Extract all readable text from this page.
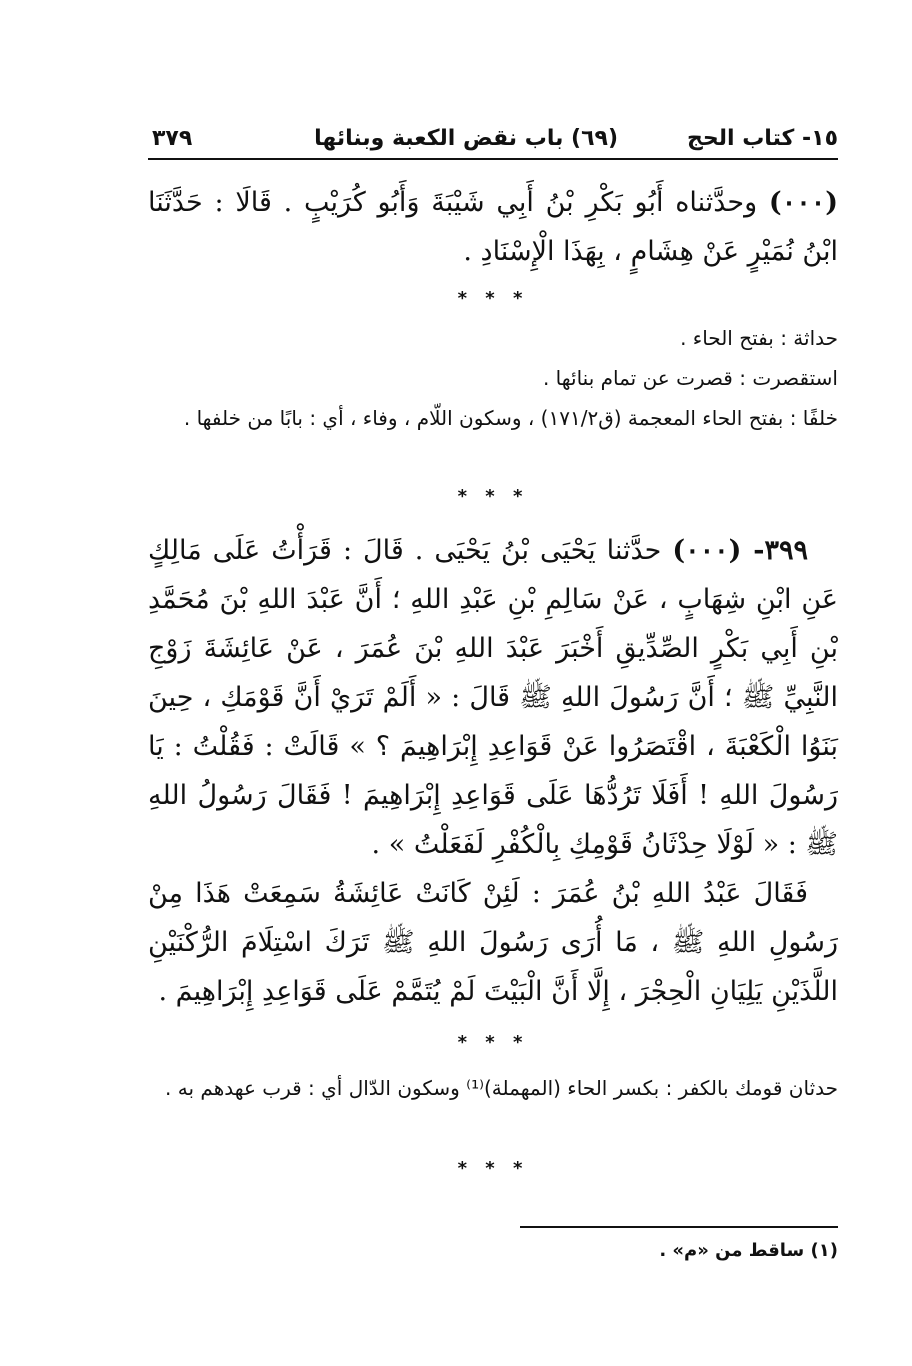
١٥- كتاب الحج
(٦٩) باب نقض الكعبة وبنائها
٣٧٩

(٠٠٠) وحدَّثناه أَبُو بَكْرِ بْنُ أَبِي شَيْبَةَ وَأَبُو كُرَيْبٍ . قَالَا : حَدَّثَنَا ابْنُ نُمَيْرٍ عَنْ هِشَامٍ ، بِهَذَا الْإِسْنَادِ .

* * *

حداثة : بفتح الحاء .

استقصرت : قصرت عن تمام بنائها .

خلفًا : بفتح الحاء المعجمة (ق١٧١/٢) ، وسكون اللّام ، وفاء ، أي : بابًا من خلفها .

* * *

٣٩٩- (٠٠٠) حدَّثنا يَحْيَى بْنُ يَحْيَى . قَالَ : قَرَأْتُ عَلَى مَالِكٍ عَنِ ابْنِ شِهَابٍ ، عَنْ سَالِمِ بْنِ عَبْدِ اللهِ ؛ أَنَّ عَبْدَ اللهِ بْنَ مُحَمَّدِ بْنِ أَبِي بَكْرٍ الصِّدِّيقِ أَخْبَرَ عَبْدَ اللهِ بْنَ عُمَرَ ، عَنْ عَائِشَةَ زَوْجِ النَّبِيِّ ﷺ ؛ أَنَّ رَسُولَ اللهِ ﷺ قَالَ : « أَلَمْ تَرَيْ أَنَّ قَوْمَكِ ، حِينَ بَنَوُا الْكَعْبَةَ ، اقْتَصَرُوا عَنْ قَوَاعِدِ إِبْرَاهِيمَ ؟ » قَالَتْ : فَقُلْتُ : يَا رَسُولَ اللهِ ! أَفَلَا تَرُدُّهَا عَلَى قَوَاعِدِ إِبْرَاهِيمَ ! فَقَالَ رَسُولُ اللهِ ﷺ : « لَوْلَا حِدْثَانُ قَوْمِكِ بِالْكُفْرِ لَفَعَلْتُ » .

فَقَالَ عَبْدُ اللهِ بْنُ عُمَرَ : لَئِنْ كَانَتْ عَائِشَةُ سَمِعَتْ هَذَا مِنْ رَسُولِ اللهِ ﷺ ، مَا أُرَى رَسُولَ اللهِ ﷺ تَرَكَ اسْتِلَامَ الرُّكْنَيْنِ اللَّذَيْنِ يَلِيَانِ الْحِجْرَ ، إِلَّا أَنَّ الْبَيْتَ لَمْ يُتَمَّمْ عَلَى قَوَاعِدِ إِبْرَاهِيمَ .

* * *

حدثان قومك بالكفر : بكسر الحاء (المهملة)⁽¹⁾ وسكون الدّال أي : قرب عهدهم به .

* * *
(١) ساقط من «م» .
